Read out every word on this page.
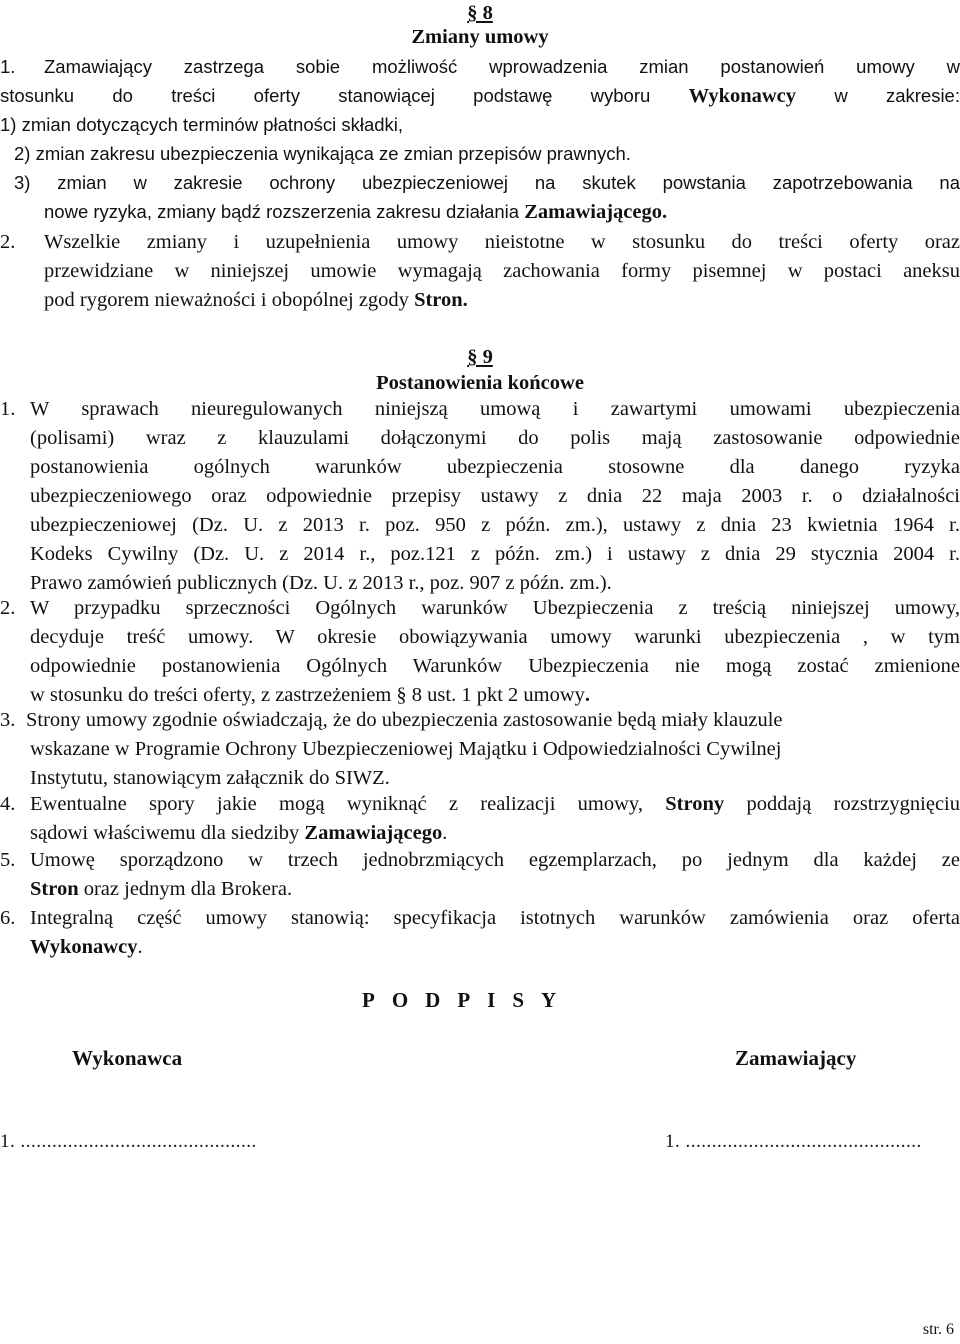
§ 8
Zmiany umowy
1. Zamawiający zastrzega sobie możliwość wprowadzenia zmian postanowień umowy w
stosunku do treści oferty stanowiącej podstawę wyboru Wykonawcy w zakresie:
1) zmian dotyczących terminów płatności składki,
2) zmian zakresu ubezpieczenia wynikająca ze zmian przepisów prawnych.
3) zmian w zakresie ochrony ubezpieczeniowej na skutek powstania zapotrzebowania na
nowe ryzyka, zmiany bądź rozszerzenia zakresu działania Zamawiającego.
2. Wszelkie zmiany i uzupełnienia umowy nieistotne w stosunku do treści oferty oraz
przewidziane w niniejszej umowie wymagają zachowania formy pisemnej w postaci aneksu
pod rygorem nieważności i obopólnej zgody Stron.
§ 9
Postanowienia końcowe
1. W sprawach nieuregulowanych niniejszą umową i zawartymi umowami ubezpieczenia
(polisami) wraz z klauzulami dołączonymi do polis mają zastosowanie odpowiednie
postanowienia ogólnych warunków ubezpieczenia stosowne dla danego ryzyka
ubezpieczeniowego oraz odpowiednie przepisy ustawy z dnia 22 maja 2003 r. o działalności
ubezpieczeniowej (Dz. U. z 2013 r. poz. 950 z późn. zm.), ustawy z dnia 23 kwietnia 1964 r.
Kodeks Cywilny (Dz. U. z 2014 r., poz.121 z późn. zm.) i ustawy z dnia 29 stycznia 2004 r.
Prawo zamówień publicznych (Dz. U. z 2013 r., poz. 907 z późn. zm.).
2. W przypadku sprzeczności Ogólnych warunków Ubezpieczenia z treścią niniejszej umowy,
decyduje treść umowy. W okresie obowiązywania umowy warunki ubezpieczenia , w tym
odpowiednie postanowienia Ogólnych Warunków Ubezpieczenia nie mogą zostać zmienione
w stosunku do treści oferty, z zastrzeżeniem § 8 ust. 1 pkt 2 umowy.
3. Strony umowy zgodnie oświadczają, że do ubezpieczenia zastosowanie będą miały klauzule
wskazane w Programie Ochrony Ubezpieczeniowej Majątku i Odpowiedzialności Cywilnej
Instytutu, stanowiącym załącznik do SIWZ.
4. Ewentualne spory jakie mogą wyniknąć z realizacji umowy, Strony poddają rozstrzygnięciu
sądowi właściwemu dla siedziby Zamawiającego.
5. Umowę sporządzono w trzech jednobrzmiących egzemplarzach, po jednym dla każdej ze
Stron oraz jednym dla Brokera.
6. Integralną część umowy stanowią: specyfikacja istotnych warunków zamówienia oraz oferta
Wykonawcy.
P O D P I S Y
Wykonawca	Zamawiający
1. .............................................	1. .............................................
str. 6
